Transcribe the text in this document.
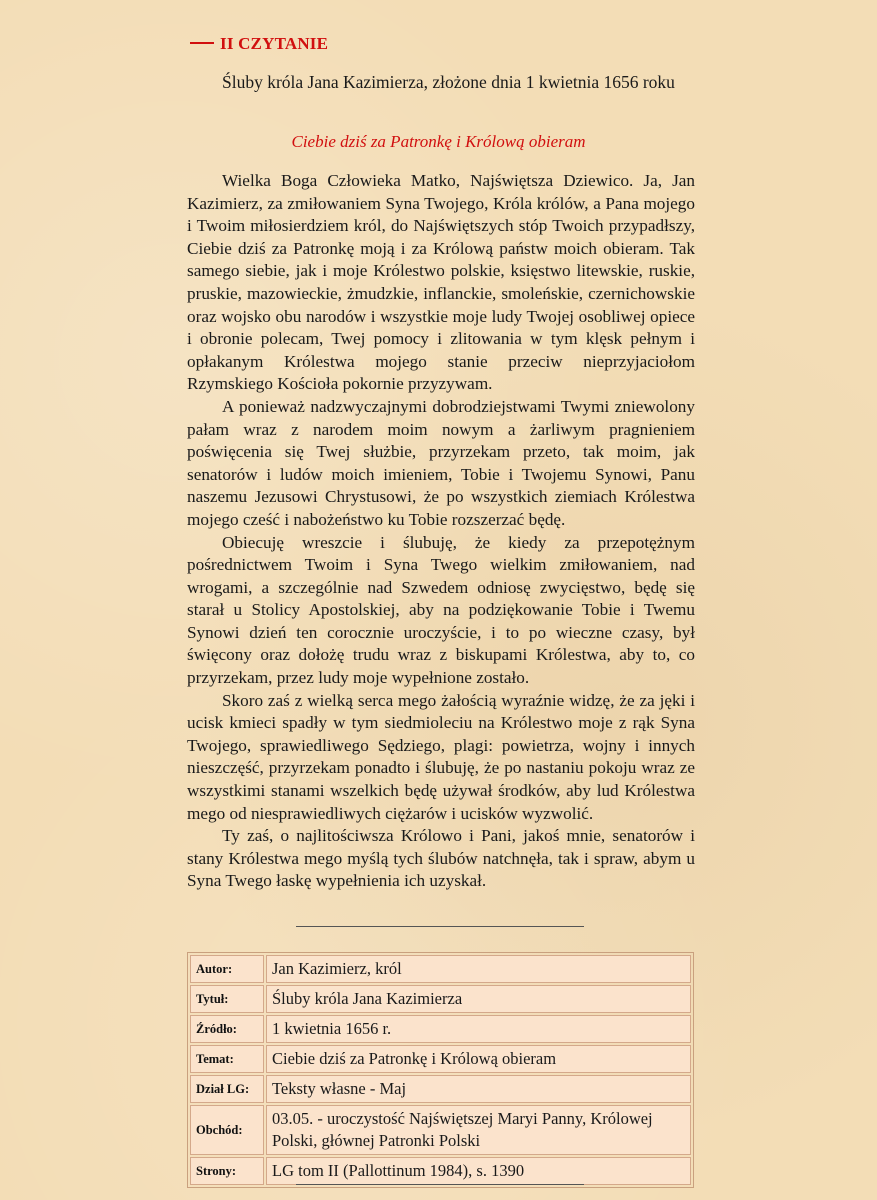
II CZYTANIE
Śluby króla Jana Kazimierza, złożone dnia 1 kwietnia 1656 roku
Ciebie dziś za Patronkę i Królową obieram

Wielka Boga Człowieka Matko, Najświętsza Dziewico. Ja, Jan Kazimierz, za zmiłowaniem Syna Twojego, Króla królów, a Pana mojego i Twoim miłosierdziem król, do Najświętszych stóp Twoich przypadłszy, Ciebie dziś za Patronkę moją i za Królową państw moich obieram. Tak samego siebie, jak i moje Królestwo polskie, księstwo litewskie, ruskie, pruskie, mazowieckie, żmudzkie, inflanckie, smoleńskie, czernichowskie oraz wojsko obu narodów i wszystkie moje ludy Twojej osobliwej opiece i obronie polecam, Twej pomocy i zlitowania w tym klęsk pełnym i opłakanym Królestwa mojego stanie przeciw nieprzyjaciołom Rzymskiego Kościoła pokornie przyzywam.

A ponieważ nadzwyczajnymi dobrodziejstwami Twymi zniewolony pałam wraz z narodem moim nowym a żarliwym pragnieniem poświęcenia się Twej służbie, przyrzekam przeto, tak moim, jak senatorów i ludów moich imieniem, Tobie i Twojemu Synowi, Panu naszemu Jezusowi Chrystusowi, że po wszystkich ziemiach Królestwa mojego cześć i nabożeństwo ku Tobie rozszerzać będę.

Obiecuję wreszcie i ślubuję, że kiedy za przepotężnym pośrednictwem Twoim i Syna Twego wielkim zmiłowaniem, nad wrogami, a szczególnie nad Szwedem odniosę zwycięstwo, będę się starał u Stolicy Apostolskiej, aby na podziękowanie Tobie i Twemu Synowi dzień ten corocznie uroczyście, i to po wieczne czasy, był święcony oraz dołożę trudu wraz z biskupami Królestwa, aby to, co przyrzekam, przez ludy moje wypełnione zostało.

Skoro zaś z wielką serca mego żałością wyraźnie widzę, że za jęki i ucisk kmieci spadły w tym siedmioleciu na Królestwo moje z rąk Syna Twojego, sprawiedliwego Sędziego, plagi: powietrza, wojny i innych nieszczęść, przyrzekam ponadto i ślubuję, że po nastaniu pokoju wraz ze wszystkimi stanami wszelkich będę używał środków, aby lud Królestwa mego od niesprawiedliwych ciężarów i ucisków wyzwolić.

Ty zaś, o najlitościwsza Królowo i Pani, jakoś mnie, senatorów i stany Królestwa mego myślą tych ślubów natchnęła, tak i spraw, abym u Syna Twego łaskę wypełnienia ich uzyskał.

Autor:	Jan Kazimierz, król
Tytuł:	Śluby króla Jana Kazimierza
Źródło:	1 kwietnia 1656 r.
Temat:	Ciebie dziś za Patronkę i Królową obieram
Dział LG:	Teksty własne - Maj
Obchód:	03.05. - uroczystość Najświętszej Maryi Panny, Królowej Polski, głównej Patronki Polski
Strony:	LG tom II (Pallottinum 1984), s. 1390
